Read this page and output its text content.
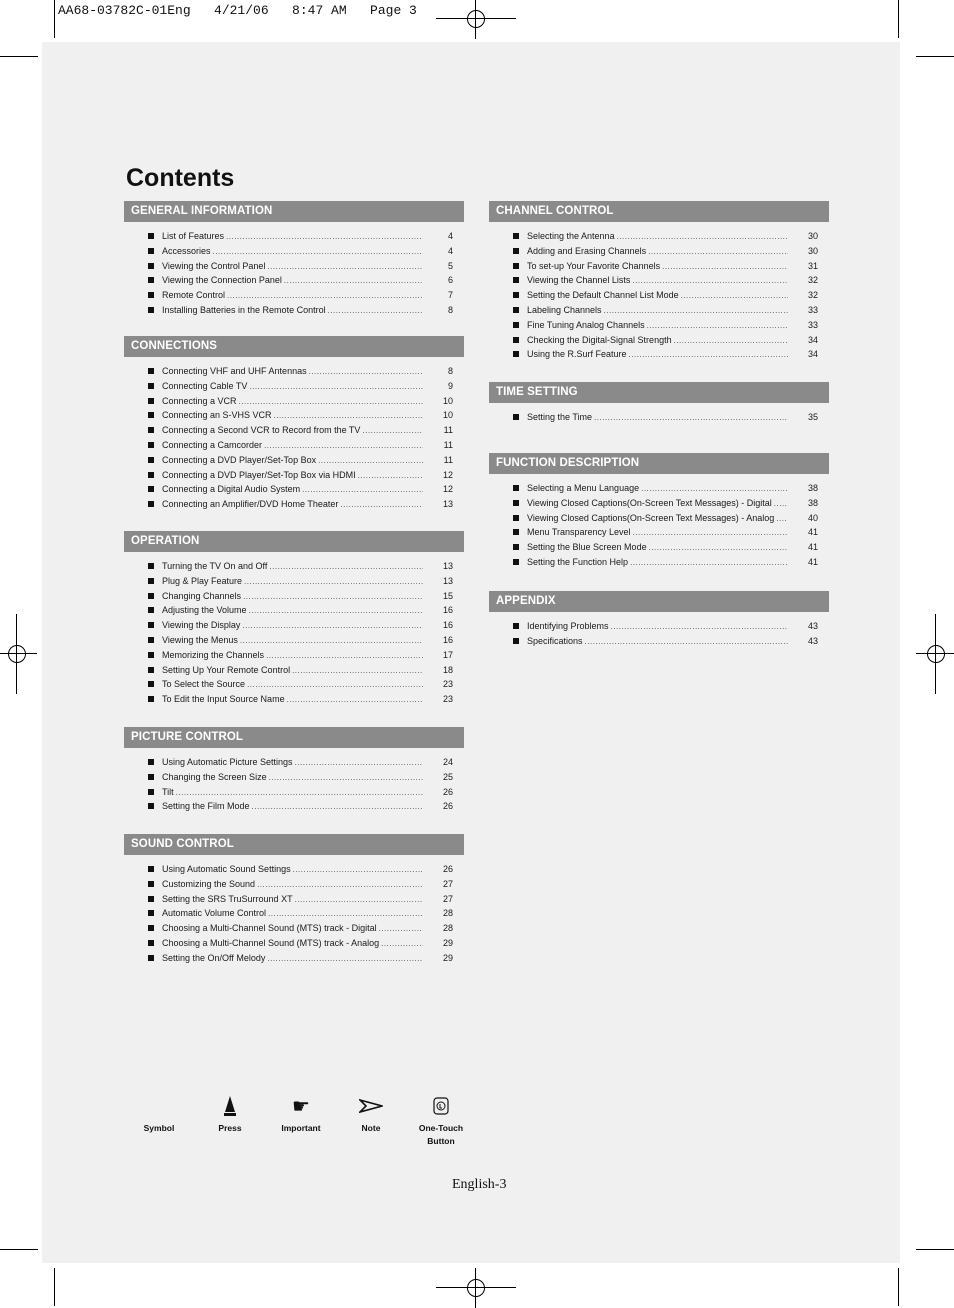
AA68-03782C-01Eng   4/21/06   8:47 AM   Page 3
Contents
GENERAL INFORMATION
List of Features .....	4
Accessories .....	4
Viewing the Control Panel .....	5
Viewing the Connection Panel .....	6
Remote Control .....	7
Installing Batteries in the Remote Control .....	8
CONNECTIONS
Connecting VHF and UHF Antennas .....	8
Connecting Cable TV .....	9
Connecting a VCR .....	10
Connecting an S-VHS VCR .....	10
Connecting a Second VCR to Record from the TV .....	11
Connecting a Camcorder .....	11
Connecting a DVD Player/Set-Top Box .....	11
Connecting a DVD Player/Set-Top Box via HDMI .....	12
Connecting a Digital Audio System .....	12
Connecting an Amplifier/DVD Home Theater .....	13
OPERATION
Turning the TV On and Off .....	13
Plug & Play Feature .....	13
Changing Channels .....	15
Adjusting the Volume .....	16
Viewing the Display .....	16
Viewing the Menus .....	16
Memorizing the Channels .....	17
Setting Up Your Remote Control .....	18
To Select the Source .....	23
To Edit the Input Source Name .....	23
PICTURE CONTROL
Using Automatic Picture Settings .....	24
Changing the Screen Size .....	25
Tilt .....	26
Setting the Film Mode .....	26
SOUND CONTROL
Using Automatic Sound Settings .....	26
Customizing the Sound .....	27
Setting the SRS TruSurround XT .....	27
Automatic Volume Control .....	28
Choosing a Multi-Channel Sound (MTS) track - Digital .....	28
Choosing a Multi-Channel Sound (MTS) track - Analog .....	29
Setting the On/Off Melody .....	29
CHANNEL CONTROL
Selecting the Antenna .....	30
Adding and Erasing Channels .....	30
To set-up Your Favorite Channels .....	31
Viewing the Channel Lists .....	32
Setting the Default Channel List Mode .....	32
Labeling Channels .....	33
Fine Tuning Analog Channels .....	33
Checking the Digital-Signal Strength .....	34
Using the R.Surf Feature .....	34
TIME SETTING
Setting the Time .....	35
FUNCTION DESCRIPTION
Selecting a Menu Language .....	38
Viewing Closed Captions(On-Screen Text Messages) - Digital .....	38
Viewing Closed Captions(On-Screen Text Messages) - Analog .....	40
Menu Transparency Level .....	41
Setting the Blue Screen Mode .....	41
Setting the Function Help .....	41
APPENDIX
Identifying Problems .....	43
Specifications .....	43
Symbol	Press
☛
Important	Note	One-Touch
Button
English-3
